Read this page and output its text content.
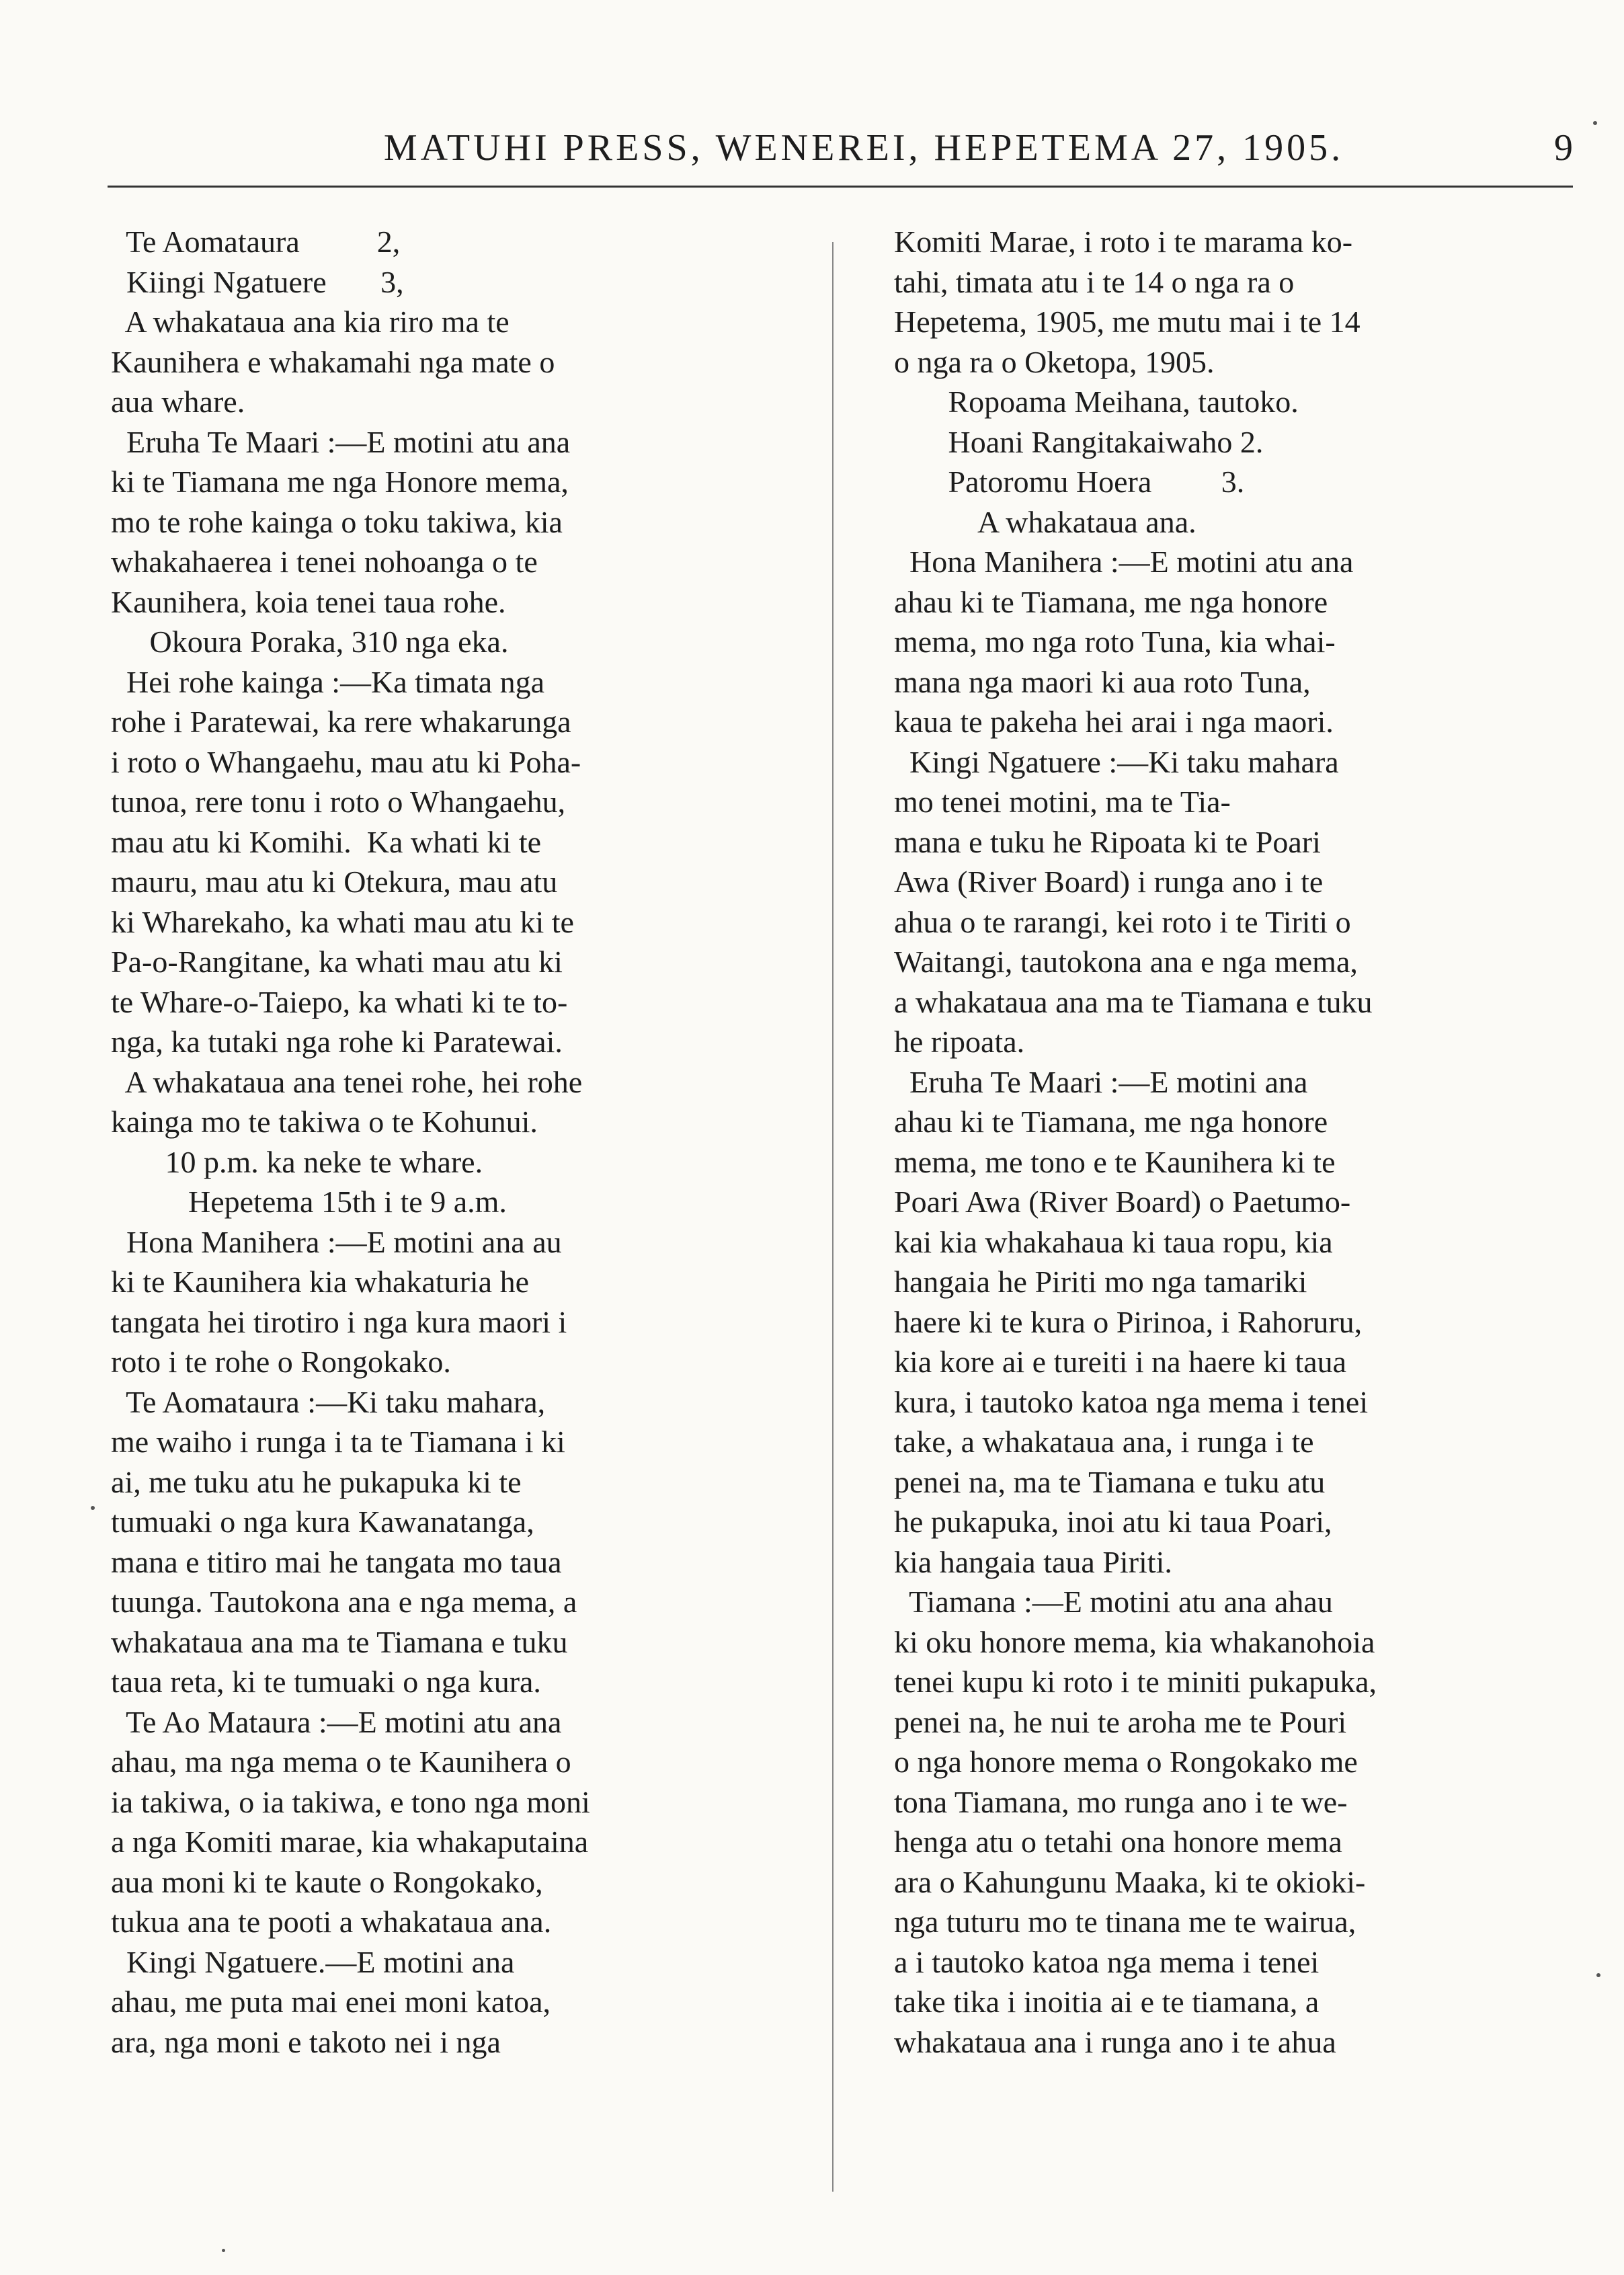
MATUHI PRESS, WENEREI, HEPETEMA 27, 1905.	9
Te Aomataura          2,
Kiingi Ngatuere       3,
A whakataua ana kia riro ma te
Kaunihera e whakamahi nga mate o
aua whare.
Eruha Te Maari :—E motini atu ana
ki te Tiamana me nga Honore mema,
mo te rohe kainga o toku takiwa, kia
whakahaerea i tenei nohoanga o te
Kaunihera, koia tenei taua rohe.
Okoura Poraka, 310 nga eka.
Hei rohe kainga :—Ka timata nga
rohe i Paratewai, ka rere whakarunga
i roto o Whangaehu, mau atu ki Poha-
tunoa, rere tonu i roto o Whangaehu,
mau atu ki Komihi.  Ka whati ki te
mauru, mau atu ki Otekura, mau atu
ki Wharekaho, ka whati mau atu ki te
Pa-o-Rangitane, ka whati mau atu ki
te Whare-o-Taiepo, ka whati ki te to-
nga, ka tutaki nga rohe ki Paratewai.
A whakataua ana tenei rohe, hei rohe
kainga mo te takiwa o te Kohunui.
10 p.m. ka neke te whare.
Hepetema 15th i te 9 a.m.
Hona Manihera :—E motini ana au
ki te Kaunihera kia whakaturia he
tangata hei tirotiro i nga kura maori i
roto i te rohe o Rongokako.
Te Aomataura :—Ki taku mahara,
me waiho i runga i ta te Tiamana i ki
ai, me tuku atu he pukapuka ki te
tumuaki o nga kura Kawanatanga,
mana e titiro mai he tangata mo taua
tuunga. Tautokona ana e nga mema, a
whakataua ana ma te Tiamana e tuku
taua reta, ki te tumuaki o nga kura.
Te Ao Mataura :—E motini atu ana
ahau, ma nga mema o te Kaunihera o
ia takiwa, o ia takiwa, e tono nga moni
a nga Komiti marae, kia whakaputaina
aua moni ki te kaute o Rongokako,
tukua ana te pooti a whakataua ana.
Kingi Ngatuere.—E motini ana
ahau, me puta mai enei moni katoa,
ara, nga moni e takoto nei i nga
Komiti Marae, i roto i te marama ko-
tahi, timata atu i te 14 o nga ra o
Hepetema, 1905, me mutu mai i te 14
o nga ra o Oketopa, 1905.
Ropoama Meihana, tautoko.
Hoani Rangitakaiwaho 2.
Patoromu Hoera         3.
A whakataua ana.
Hona Manihera :—E motini atu ana
ahau ki te Tiamana, me nga honore
mema, mo nga roto Tuna, kia whai-
mana nga maori ki aua roto Tuna,
kaua te pakeha hei arai i nga maori.
Kingi Ngatuere :—Ki taku mahara
mo tenei motini, ma te Tia-
mana e tuku he Ripoata ki te Poari
Awa (River Board) i runga ano i te
ahua o te rarangi, kei roto i te Tiriti o
Waitangi, tautokona ana e nga mema,
a whakataua ana ma te Tiamana e tuku
he ripoata.
Eruha Te Maari :—E motini ana
ahau ki te Tiamana, me nga honore
mema, me tono e te Kaunihera ki te
Poari Awa (River Board) o Paetumo-
kai kia whakahaua ki taua ropu, kia
hangaia he Piriti mo nga tamariki
haere ki te kura o Pirinoa, i Rahoruru,
kia kore ai e tureiti i na haere ki taua
kura, i tautoko katoa nga mema i tenei
take, a whakataua ana, i runga i te
penei na, ma te Tiamana e tuku atu
he pukapuka, inoi atu ki taua Poari,
kia hangaia taua Piriti.
Tiamana :—E motini atu ana ahau
ki oku honore mema, kia whakanohoia
tenei kupu ki roto i te miniti pukapuka,
penei na, he nui te aroha me te Pouri
o nga honore mema o Rongokako me
tona Tiamana, mo runga ano i te we-
henga atu o tetahi ona honore mema
ara o Kahungunu Maaka, ki te okioki-
nga tuturu mo te tinana me te wairua,
a i tautoko katoa nga mema i tenei
take tika i inoitia ai e te tiamana, a
whakataua ana i runga ano i te ahua
